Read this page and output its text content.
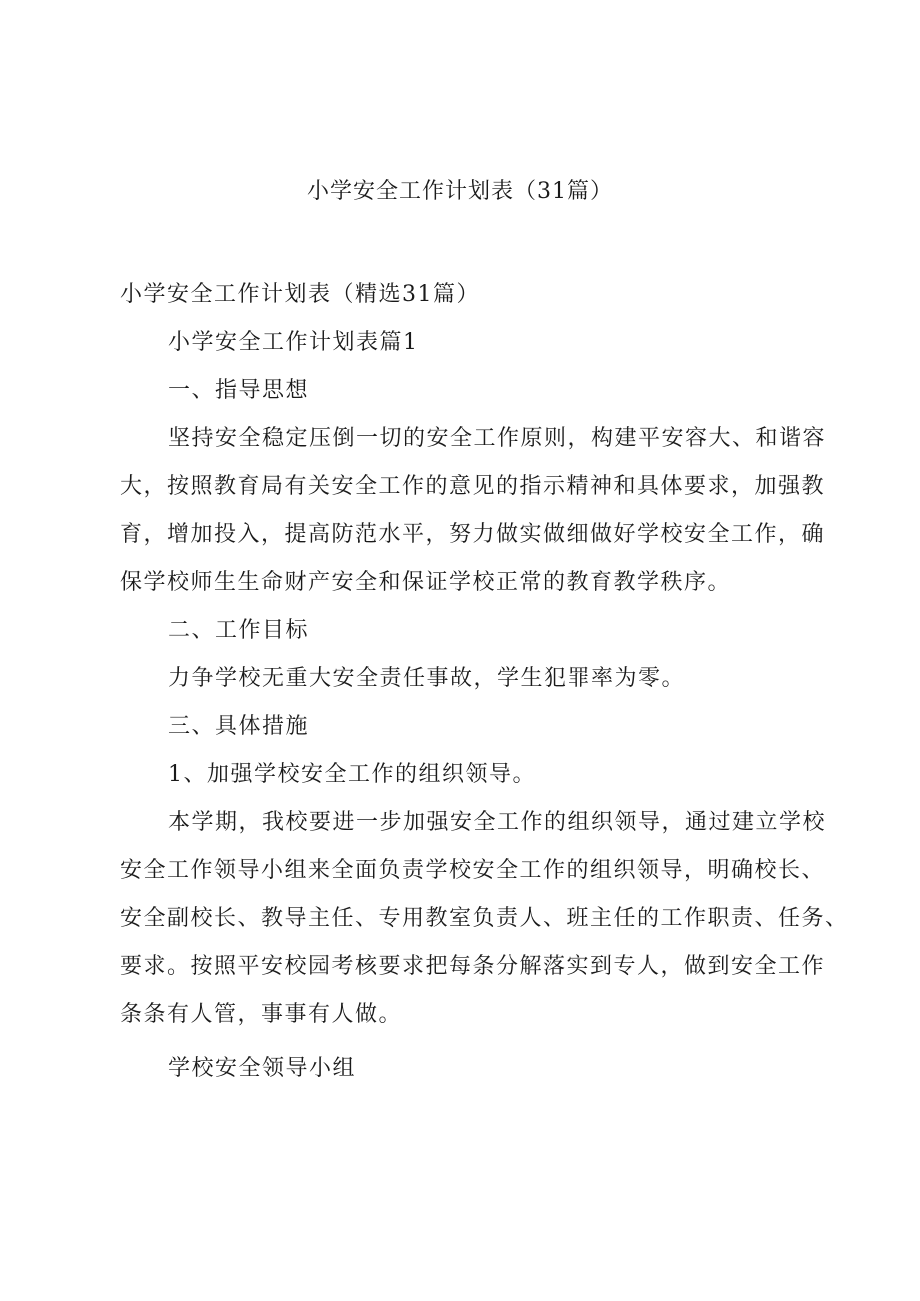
小学安全工作计划表（31篇）
小学安全工作计划表（精选31篇）
小学安全工作计划表篇1
一、指导思想
坚持安全稳定压倒一切的安全工作原则，构建平安容大、和谐容
大，按照教育局有关安全工作的意见的指示精神和具体要求，加强教
育，增加投入，提高防范水平，努力做实做细做好学校安全工作，确
保学校师生生命财产安全和保证学校正常的教育教学秩序。
二、工作目标
力争学校无重大安全责任事故，学生犯罪率为零。
三、具体措施
1、加强学校安全工作的组织领导。
本学期，我校要进一步加强安全工作的组织领导，通过建立学校
安全工作领导小组来全面负责学校安全工作的组织领导，明确校长、
安全副校长、教导主任、专用教室负责人、班主任的工作职责、任务、
要求。按照平安校园考核要求把每条分解落实到专人，做到安全工作
条条有人管，事事有人做。
学校安全领导小组
